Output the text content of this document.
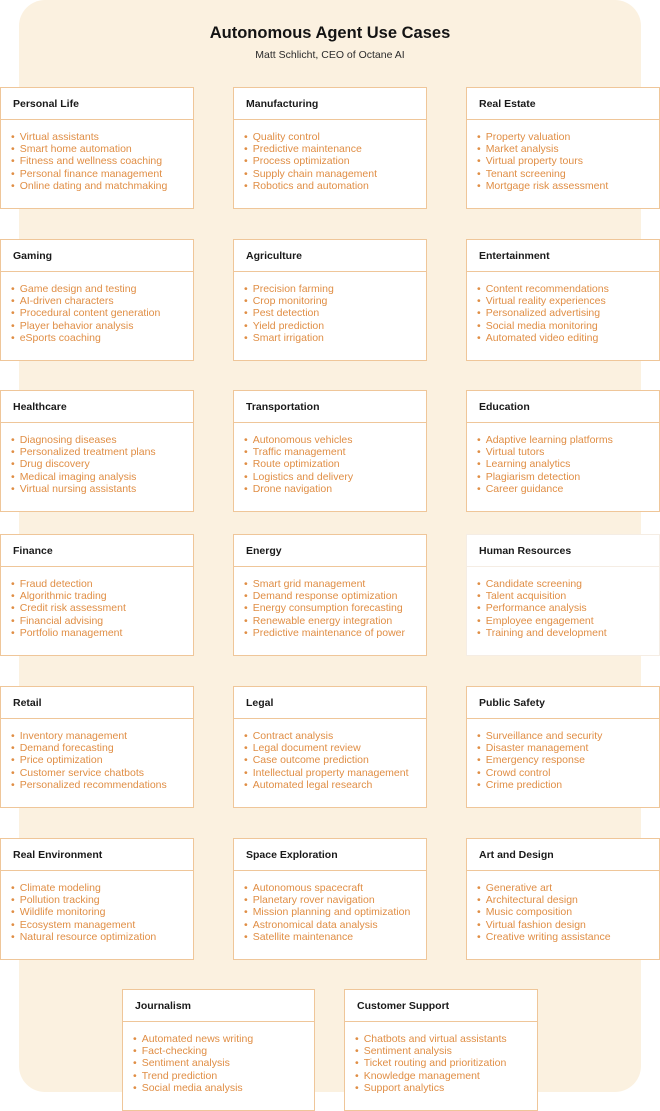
Autonomous Agent Use Cases
Matt Schlicht, CEO of Octane AI
Personal Life
• Virtual assistants
• Smart home automation
• Fitness and wellness coaching
• Personal finance management
• Online dating and matchmaking
Manufacturing
• Quality control
• Predictive maintenance
• Process optimization
• Supply chain management
• Robotics and automation
Real Estate
• Property valuation
• Market analysis
• Virtual property tours
• Tenant screening
• Mortgage risk assessment
Gaming
• Game design and testing
• AI-driven characters
• Procedural content generation
• Player behavior analysis
• eSports coaching
Agriculture
• Precision farming
• Crop monitoring
• Pest detection
• Yield prediction
• Smart irrigation
Entertainment
• Content recommendations
• Virtual reality experiences
• Personalized advertising
• Social media monitoring
• Automated video editing
Healthcare
• Diagnosing diseases
• Personalized treatment plans
• Drug discovery
• Medical imaging analysis
• Virtual nursing assistants
Transportation
• Autonomous vehicles
• Traffic management
• Route optimization
• Logistics and delivery
• Drone navigation
Education
• Adaptive learning platforms
• Virtual tutors
• Learning analytics
• Plagiarism detection
• Career guidance
Finance
• Fraud detection
• Algorithmic trading
• Credit risk assessment
• Financial advising
• Portfolio management
Energy
• Smart grid management
• Demand response optimization
• Energy consumption forecasting
• Renewable energy integration
• Predictive maintenance of power
Human Resources
• Candidate screening
• Talent acquisition
• Performance analysis
• Employee engagement
• Training and development
Retail
• Inventory management
• Demand forecasting
• Price optimization
• Customer service chatbots
• Personalized recommendations
Legal
• Contract analysis
• Legal document review
• Case outcome prediction
• Intellectual property management
• Automated legal research
Public Safety
• Surveillance and security
• Disaster management
• Emergency response
• Crowd control
• Crime prediction
Real Environment
• Climate modeling
• Pollution tracking
• Wildlife monitoring
• Ecosystem management
• Natural resource optimization
Space Exploration
• Autonomous spacecraft
• Planetary rover navigation
• Mission planning and optimization
• Astronomical data analysis
• Satellite maintenance
Art and Design
• Generative art
• Architectural design
• Music composition
• Virtual fashion design
• Creative writing assistance
Journalism
• Automated news writing
• Fact-checking
• Sentiment analysis
• Trend prediction
• Social media analysis
Customer Support
• Chatbots and virtual assistants
• Sentiment analysis
• Ticket routing and prioritization
• Knowledge management
• Support analytics
